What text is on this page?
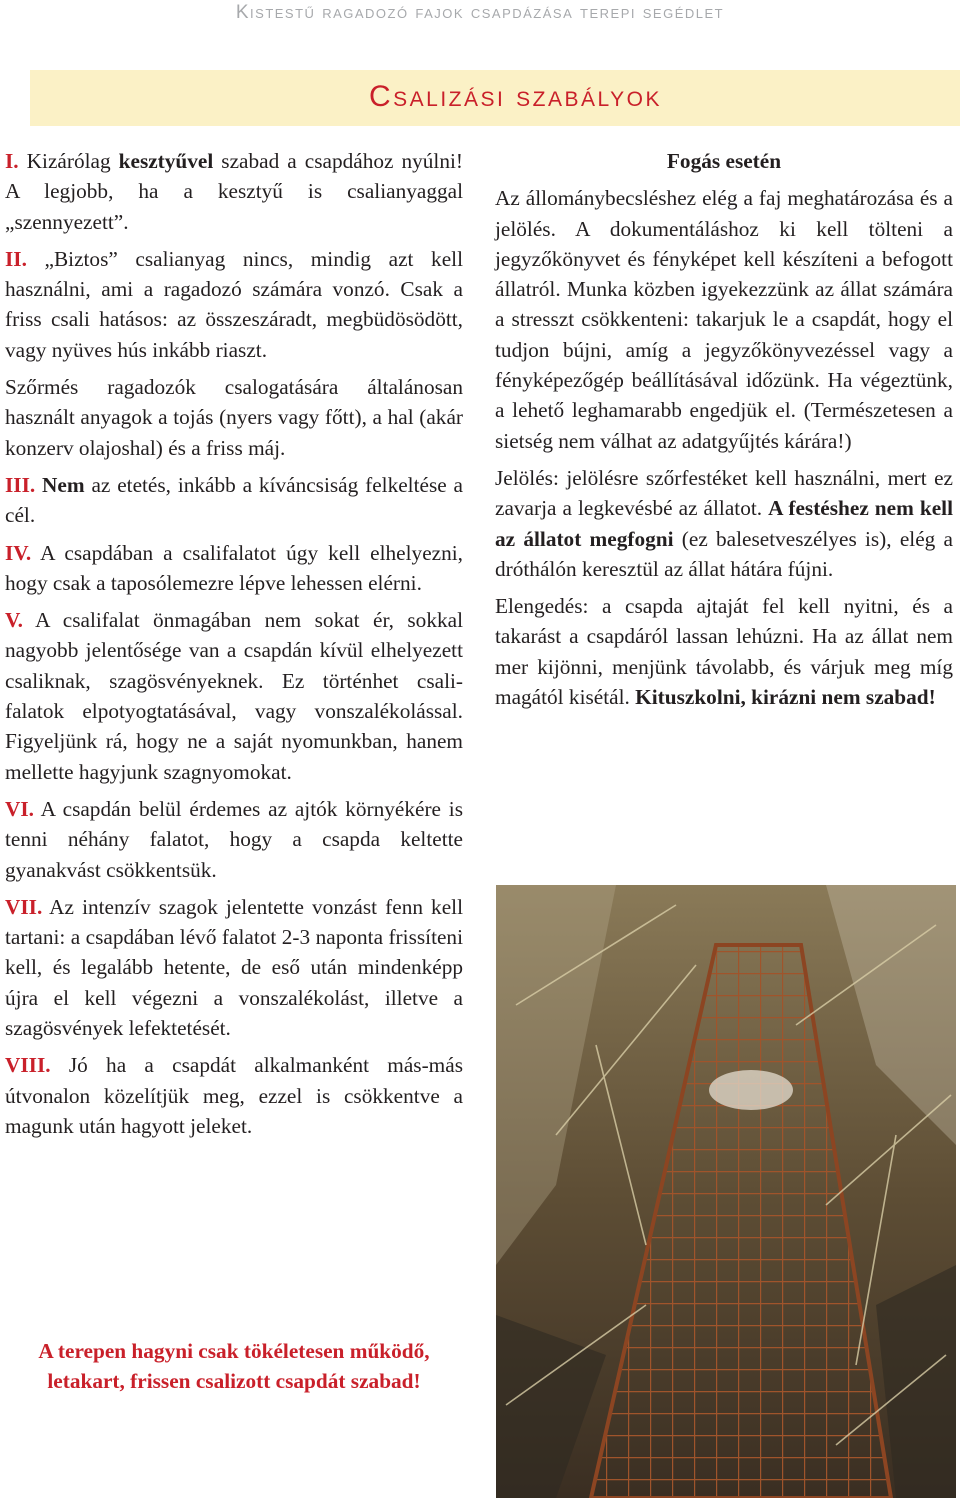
Kistestű ragadozó fajok csapdázása terepi segédlet
Csalizási szabályok

I. Kizárólag kesztyűvel szabad a csapdához nyúlni! A legjobb, ha a kesztyű is csalianyaggal „szennyezett”.

II. „Biztos” csalianyag nincs, mindig azt kell használni, ami a ragadozó számára vonzó. Csak a friss csali hatásos: az összeszáradt, megbüdösödött, vagy nyüves hús inkább riaszt.

Szőrmés ragadozók csalogatására általánosan használt anyagok a tojás (nyers vagy főtt), a hal (akár konzerv olajoshal) és a friss máj.

III. Nem az etetés, inkább a kíváncsiság felkeltése a cél.

IV. A csapdában a csalifalatot úgy kell elhelyezni, hogy csak a taposólemezre lépve lehessen elérni.

V. A csalifalat önmagában nem sokat ér, sokkal nagyobb jelentősége van a csapdán kívül elhelyezett csaliknak, szagösvényeknek. Ez történhet csali-falatok elpotyogtatásával, vagy vonszalékolással. Figyeljünk rá, hogy ne a saját nyomunkban, hanem mellette hagyjunk szagnyomokat.

VI. A csapdán belül érdemes az ajtók környékére is tenni néhány falatot, hogy a csapda keltette gyanakvást csökkentsük.

VII. Az intenzív szagok jelentette vonzást fenn kell tartani: a csapdában lévő falatot 2-3 naponta frissíteni kell, és legalább hetente, de eső után mindenképp újra el kell végezni a vonszalékolást, illetve a szagösvények lefektetését.

VIII. Jó ha a csapdát alkalmanként más-más útvonalon közelítjük meg, ezzel is csökkentve a magunk után hagyott jeleket.

A terepen hagyni csak tökéletesen működő, letakart, frissen csalizott csapdát szabad!

Fogás esetén

Az állománybecsléshez elég a faj meghatározása és a jelölés. A dokumentáláshoz ki kell tölteni a jegyzőkönyvet és fényképet kell készíteni a befogott állatról. Munka közben igyekezzünk az állat számára a stresszt csökkenteni: takarjuk le a csapdát, hogy el tudjon bújni, amíg a jegyzőkönyvezéssel vagy a fényképezőgép beállításával időzünk. Ha végeztünk, a lehető leghamarabb engedjük el. (Természetesen a sietség nem válhat az adatgyűjtés kárára!)

Jelölés: jelölésre szőrfestéket kell használni, mert ez zavarja a legkevésbé az állatot. A festéshez nem kell az állatot megfogni (ez balesetveszélyes is), elég a dróthálón keresztül az állat hátára fújni.

Elengedés: a csapda ajtaját fel kell nyitni, és a takarást a csapdáról lassan lehúzni. Ha az állat nem mer kijönni, menjünk távolabb, és várjuk meg míg magától kisétál. Kituszkolni, kirázni nem szabad!
